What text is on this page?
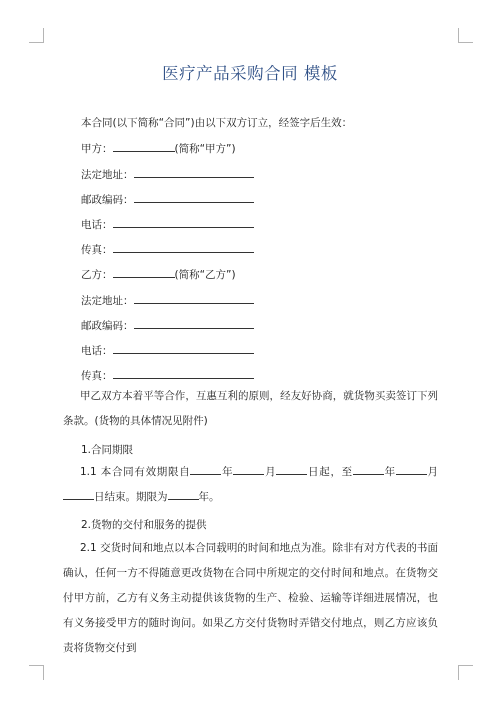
医疗产品采购合同 模板
本合同(以下简称“合同”)由以下双方订立，经签字后生效：
甲方：	(简称“甲方”)
法定地址：
邮政编码：
电话：
传真：
乙方：	(简称“乙方”)
法定地址：
邮政编码：
电话：
传真：
甲乙双方本着平等合作，互惠互利的原则，经友好协商，就货物买卖签订下列条款。(货物的具体情况见附件)
1.合同期限
1.1 本合同有效期限自	年	月	日起，至	年	月日结束。期限为	年。
2.货物的交付和服务的提供
2.1 交货时间和地点以本合同载明的时间和地点为准。除非有对方代表的书面确认，任何一方不得随意更改货物在合同中所规定的交付时间和地点。在货物交付甲方前，乙方有义务主动提供该货物的生产、检验、运输等详细进展情况，也有义务接受甲方的随时询问。如果乙方交付货物时弄错交付地点，则乙方应该负责将货物交付到
